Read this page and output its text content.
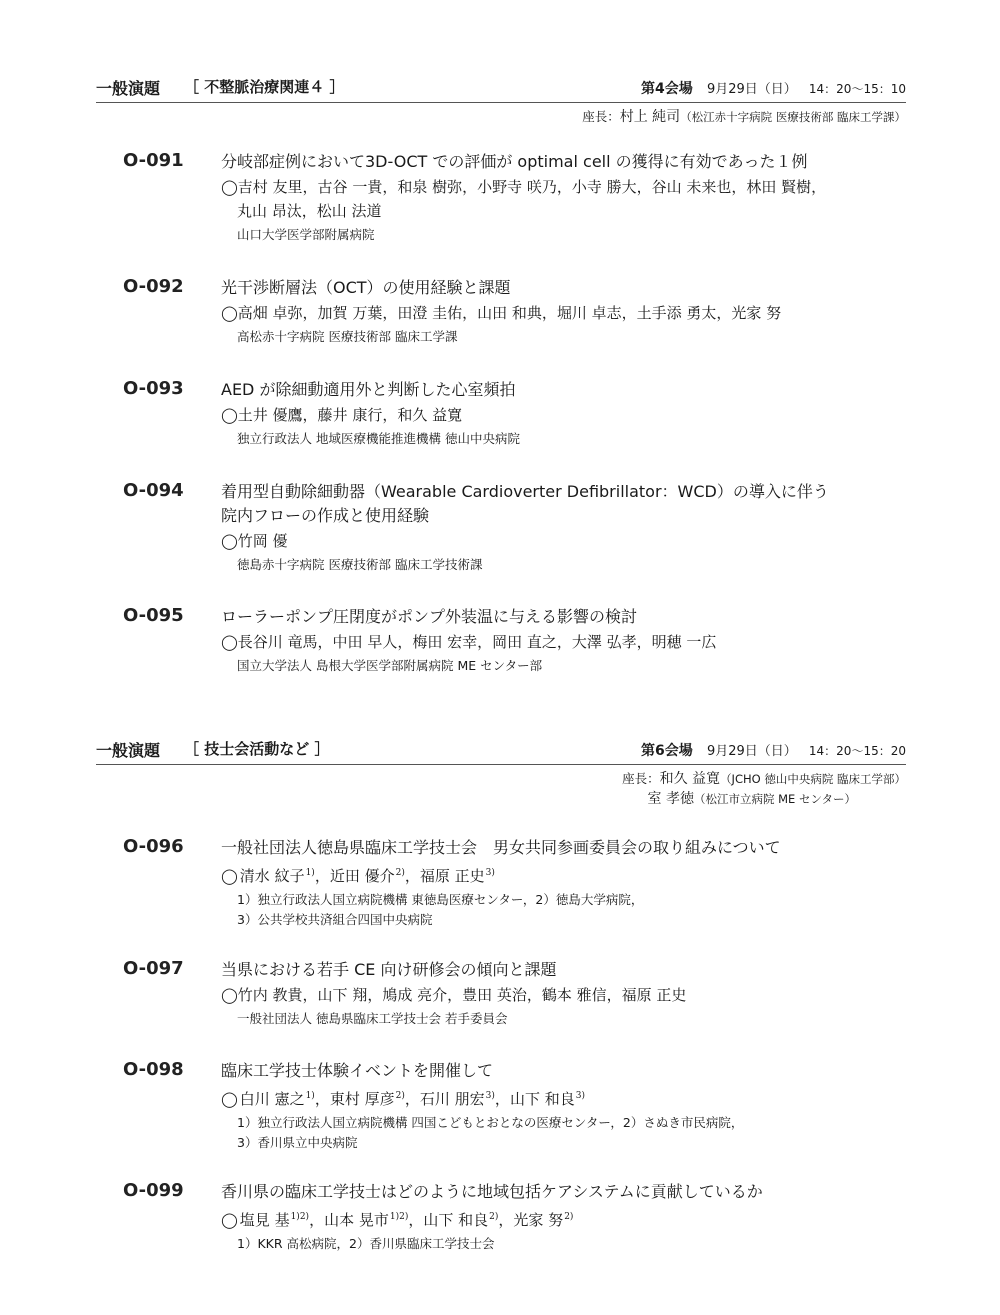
一般演題 ［ 不整脈治療関連４ ］	第4会場 9月29日（日） 14：20～15：10
座長：村上 純司（松江赤十字病院 医療技術部 臨床工学課）
O-091 分岐部症例において3D-OCT での評価が optimal cell の獲得に有効であった１例
◯吉村 友里，古谷 一貴，和泉 樹弥，小野寺 咲乃，小寺 勝大，谷山 未来也，林田 賢樹，
丸山 昂汰，松山 法道
山口大学医学部附属病院
O-092 光干渉断層法（OCT）の使用経験と課題
◯高畑 卓弥，加賀 万葉，田澄 圭佑，山田 和典，堀川 卓志，土手添 勇太，光家 努
高松赤十字病院 医療技術部 臨床工学課
O-093 AED が除細動適用外と判断した心室頻拍
◯土井 優鷹，藤井 康行，和久 益寛
独立行政法人 地域医療機能推進機構 徳山中央病院
O-094 着用型自動除細動器（Wearable Cardioverter Defibrillator：WCD）の導入に伴う
院内フローの作成と使用経験
◯竹岡 優
徳島赤十字病院 医療技術部 臨床工学技術課
O-095 ローラーポンプ圧閉度がポンプ外装温に与える影響の検討
◯長谷川 竜馬，中田 早人，梅田 宏幸，岡田 直之，大澤 弘孝，明穂 一広
国立大学法人 島根大学医学部附属病院 ME センター部
一般演題 ［ 技士会活動など ］	第6会場 9月29日（日） 14：20～15：20
座長：和久 益寛（JCHO 徳山中央病院 臨床工学部）
室 孝徳（松江市立病院 ME センター）
O-096 一般社団法人徳島県臨床工学技士会　男女共同参画委員会の取り組みについて
◯ 清水 紋子$^{1)}$，近田 優介$^{2)}$，福原 正史$^{3)}$
1）独立行政法人国立病院機構 東徳島医療センター，2）徳島大学病院，
3）公共学校共済組合四国中央病院
O-097 当県における若手 CE 向け研修会の傾向と課題
◯竹内 教貴，山下 翔，鳩成 亮介，豊田 英治，鶴本 雅信，福原 正史
一般社団法人 徳島県臨床工学技士会 若手委員会
O-098 臨床工学技士体験イベントを開催して
◯ 白川 憲之$^{1)}$，東村 厚彦$^{2)}$，石川 朋宏$^{3)}$，山下 和良$^{3)}$
1）独立行政法人国立病院機構 四国こどもとおとなの医療センター，2）さぬき市民病院，
3）香川県立中央病院
O-099 香川県の臨床工学技士はどのように地域包括ケアシステムに貢献しているか
◯ 塩見 基$^{1)2)}$，山本 晃市$^{1)2)}$，山下 和良$^{2)}$，光家 努$^{2)}$
1）KKR 高松病院，2）香川県臨床工学技士会
